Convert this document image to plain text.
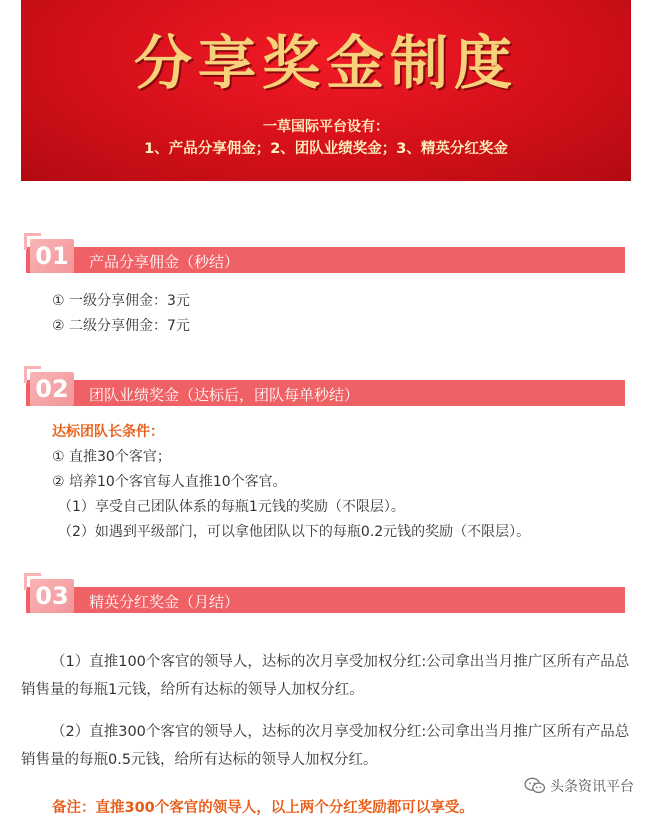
分享奖金制度
一草国际平台设有：
1、产品分享佣金；2、团队业绩奖金；3、精英分红奖金
01	产品分享佣金（秒结）
① 一级分享佣金：3元
② 二级分享佣金：7元
02	团队业绩奖金（达标后，团队每单秒结）
达标团队长条件：
① 直推30个客官；
② 培养10个客官每人直推10个客官。
（1）享受自己团队体系的每瓶1元钱的奖励（不限层）。
（2）如遇到平级部门，可以拿他团队以下的每瓶0.2元钱的奖励（不限层）。
03	精英分红奖金（月结）
（1）直推100个客官的领导人，达标的次月享受加权分红:公司拿出当月推广区所有产品总销售量的每瓶1元钱，给所有达标的领导人加权分红。
（2）直推300个客官的领导人，达标的次月享受加权分红:公司拿出当月推广区所有产品总销售量的每瓶0.5元钱，给所有达标的领导人加权分红。
头条资讯平台
备注：直推300个客官的领导人，以上两个分红奖励都可以享受。
